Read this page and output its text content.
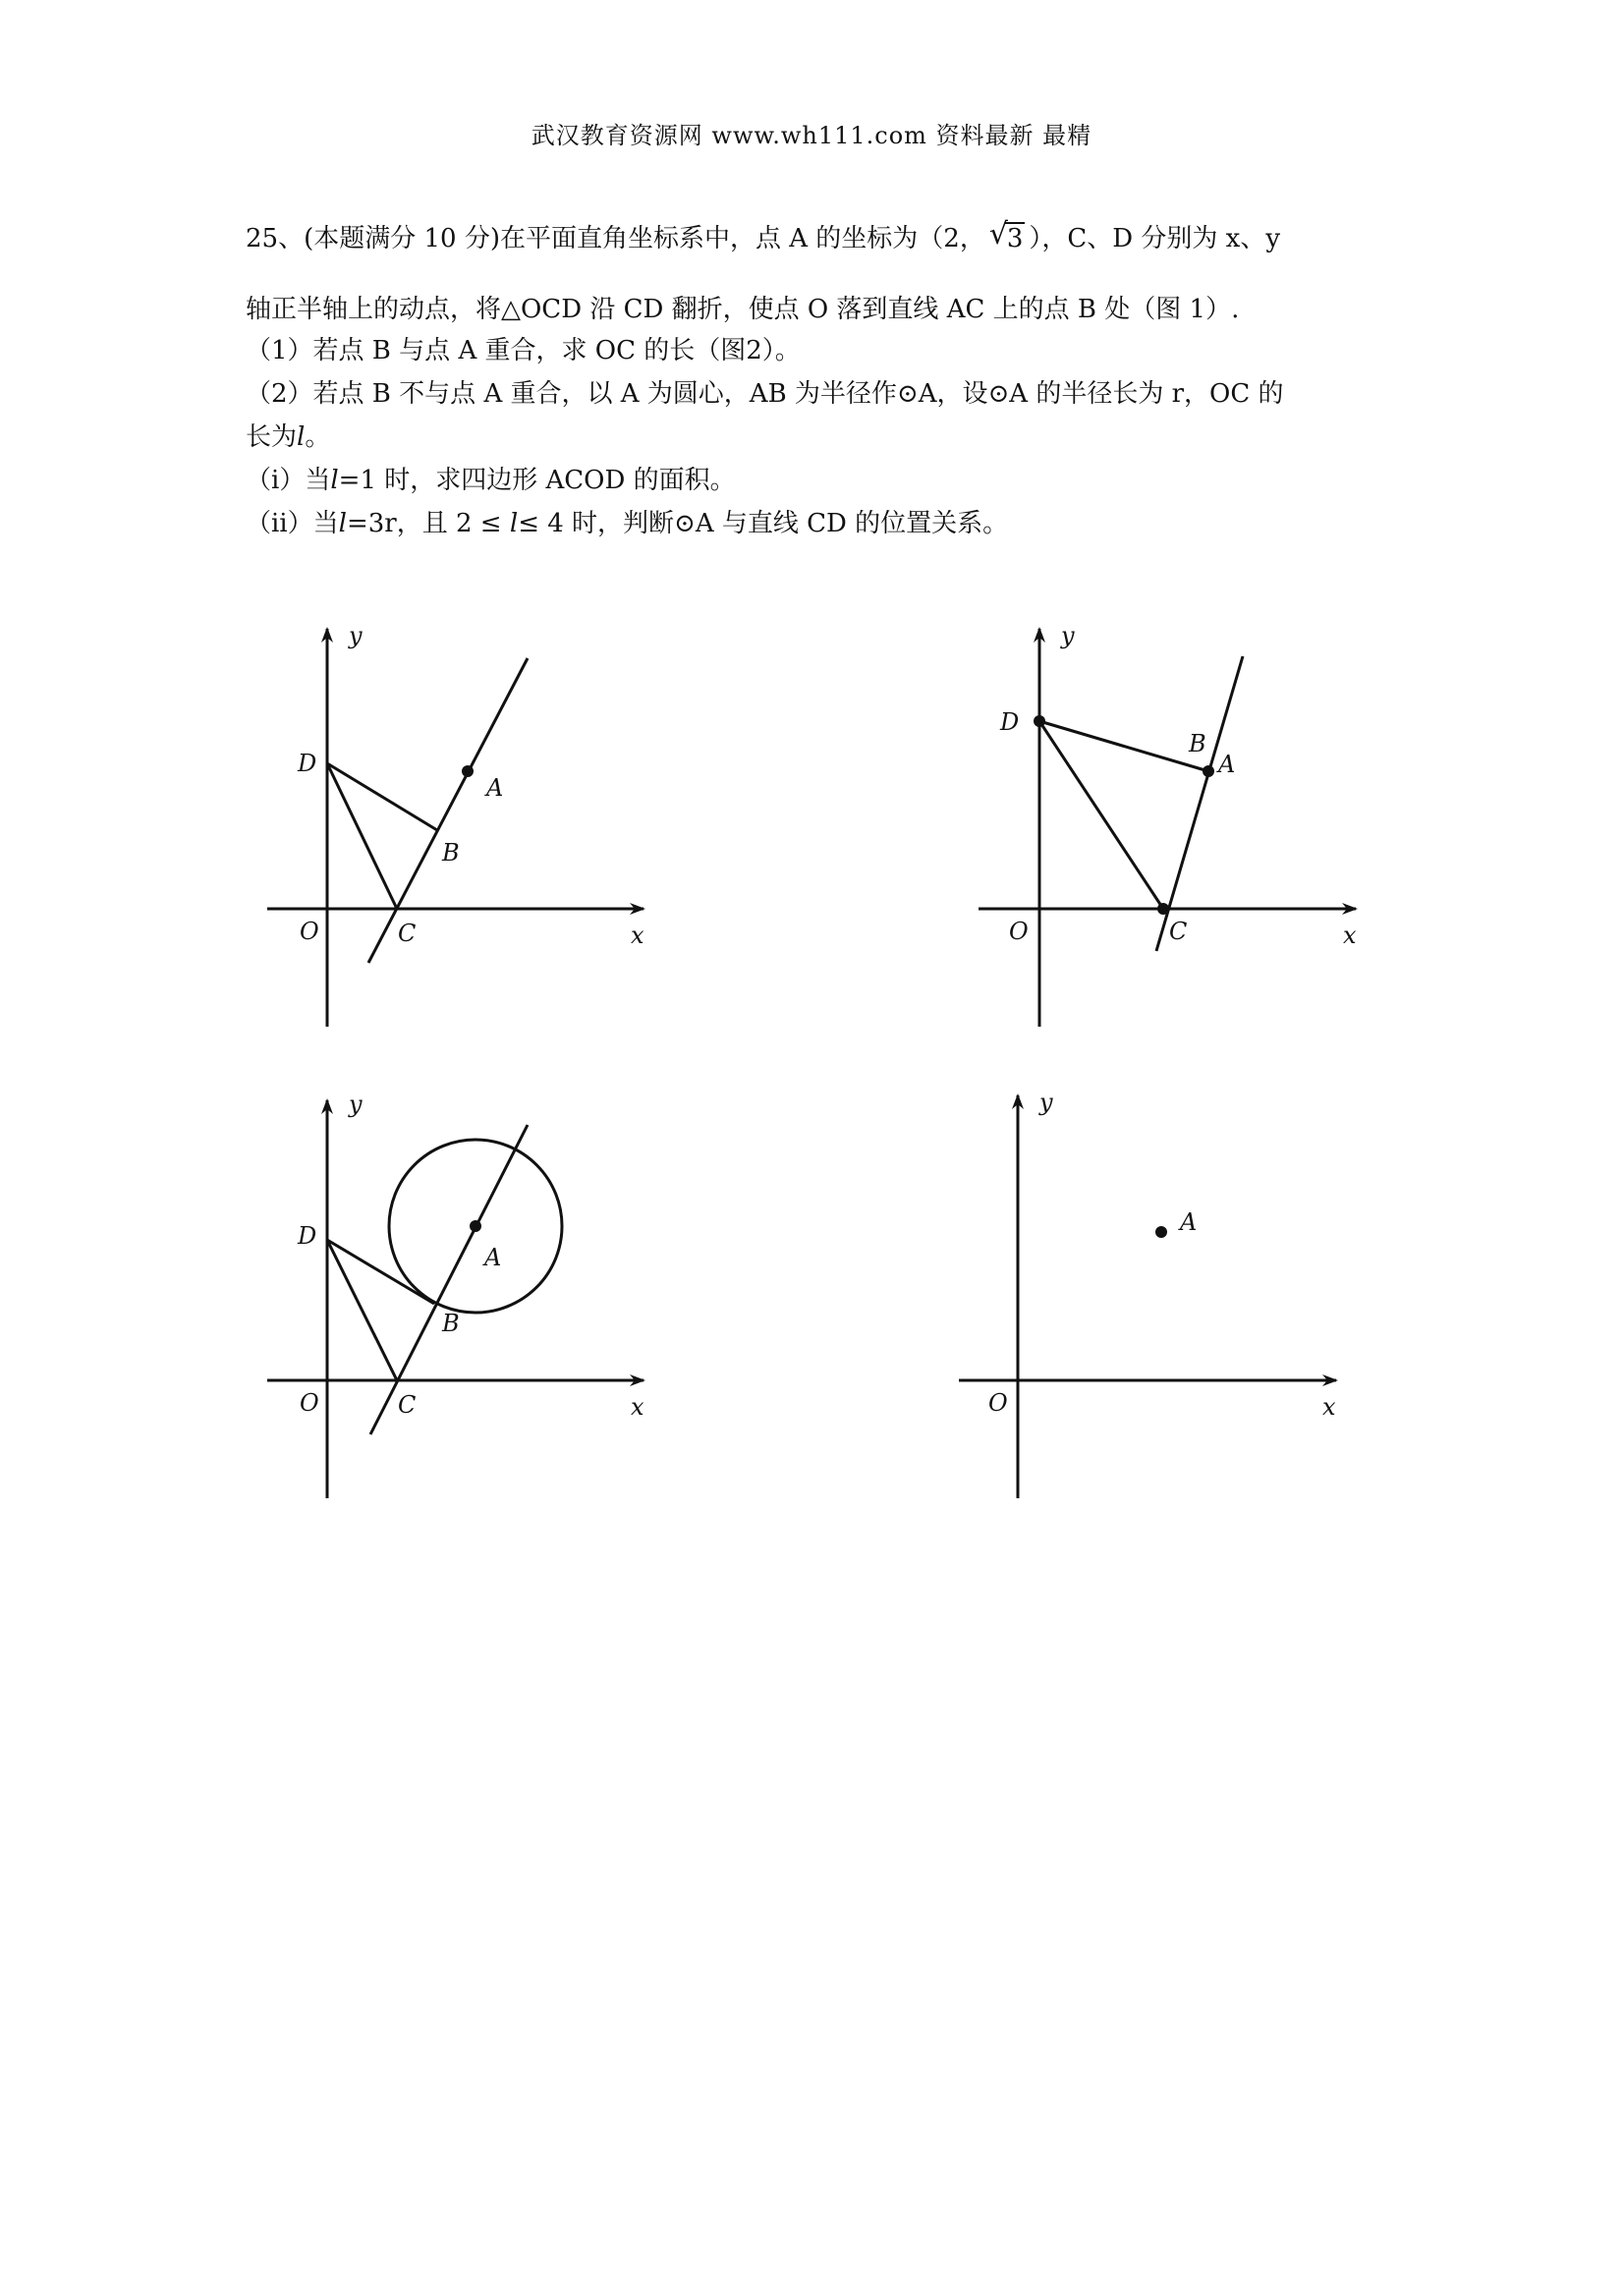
武汉教育资源网 www.wh111.com 资料最新 最精
25、(本题满分 10 分)在平面直角坐标系中，点 A 的坐标为（2， √
3 ），C、D 分别为 x、y
轴正半轴上的动点，将△OCD 沿 CD 翻折，使点 O 落到直线 AC 上的点 B 处（图 1）.
（1）若点 B 与点 A 重合，求 OC 的长（图2）。
（2）若点 B 不与点 A 重合，以 A 为圆心，AB 为半径作⊙A，设⊙A 的半径长为 r，OC 的
长为l。
（ⅰ）当l=1 时，求四边形 ACOD 的面积。
（ⅱ）当l=3r，且 2 ≤ l≤ 4 时，判断⊙A 与直线 CD 的位置关系。
y
D
A
B
O	C	x
y
D
B
A
O	C	x
y
D
A
B
O	C	x
y
A
O	x
